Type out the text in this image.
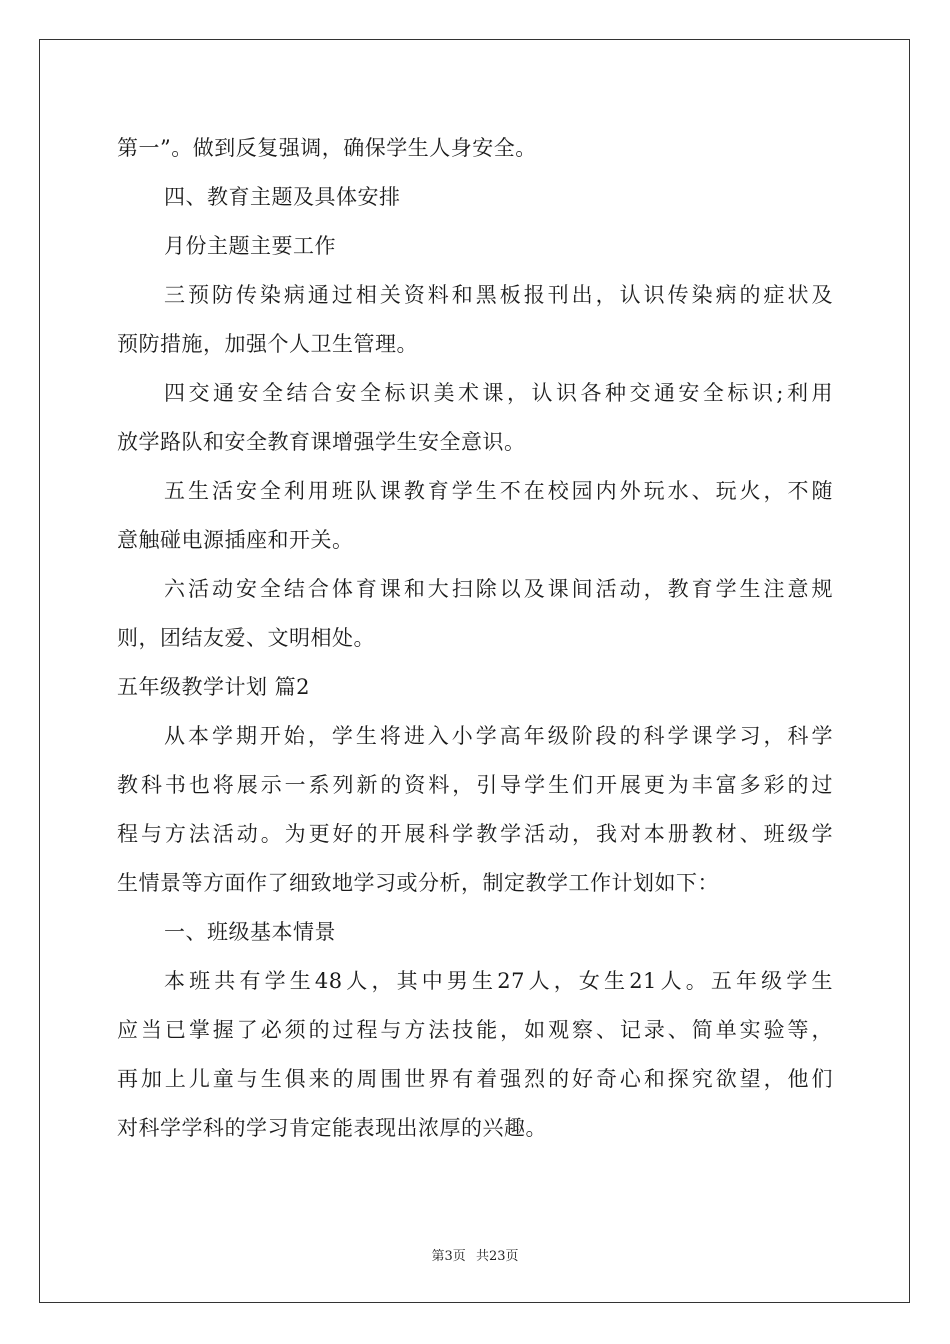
第一”。做到反复强调，确保学生人身安全。
四、教育主题及具体安排
月份主题主要工作
三预防传染病通过相关资料和黑板报刊出，认识传染病的症状及
预防措施，加强个人卫生管理。
四交通安全结合安全标识美术课，认识各种交通安全标识;利用
放学路队和安全教育课增强学生安全意识。
五生活安全利用班队课教育学生不在校园内外玩水、玩火，不随
意触碰电源插座和开关。
六活动安全结合体育课和大扫除以及课间活动，教育学生注意规
则，团结友爱、文明相处。
五年级教学计划 篇2
从本学期开始，学生将进入小学高年级阶段的科学课学习，科学
教科书也将展示一系列新的资料，引导学生们开展更为丰富多彩的过
程与方法活动。为更好的开展科学教学活动，我对本册教材、班级学
生情景等方面作了细致地学习或分析，制定教学工作计划如下：
一、班级基本情景
本班共有学生48人，其中男生27人，女生21人。五年级学生
应当已掌握了必须的过程与方法技能，如观察、记录、简单实验等，
再加上儿童与生俱来的周围世界有着强烈的好奇心和探究欲望，他们
对科学学科的学习肯定能表现出浓厚的兴趣。
第3页 共23页
